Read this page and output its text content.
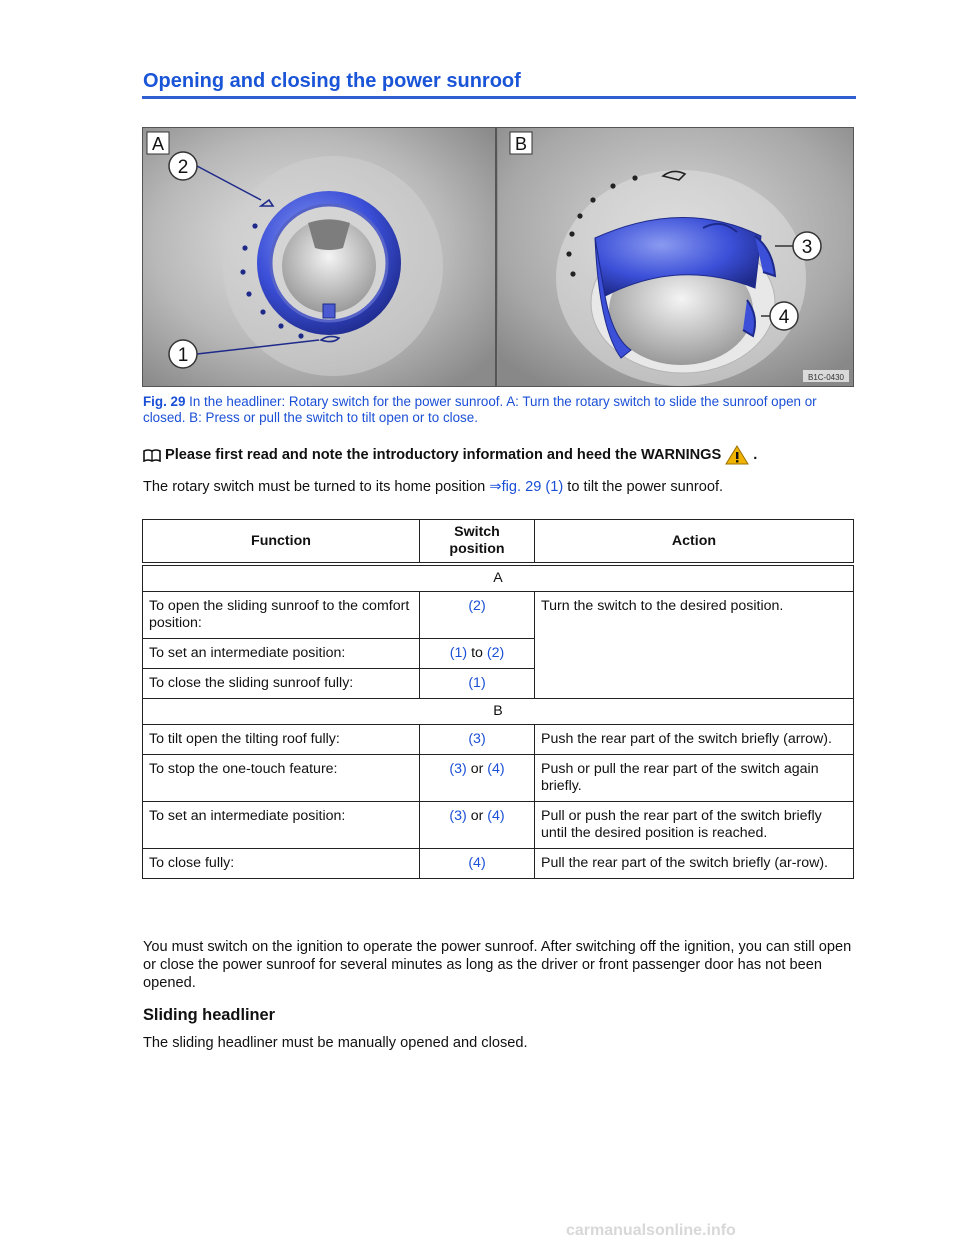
Opening and closing the power sunroof
A	B
2
1
3
4
B1C-0430
Fig. 29 In the headliner: Rotary switch for the power sunroof. A: Turn the rotary switch to slide the sunroof open or closed. B: Press or pull the switch to tilt open or to close.
Please first read and note the introductory information and heed the WARNINGS .
The rotary switch must be turned to its home position ⇒fig. 29 (1) to tilt the power sunroof.
Function	Switch position	Action
A		
To open the sliding sunroof to the comfort position:	(2)	Turn the switch to the desired position.
To set an intermediate position:	(1) to (2)	
To close the sliding sunroof fully:	(1)	
B		
To tilt open the tilting roof fully:	(3)	Push the rear part of the switch briefly (arrow).
To stop the one-touch feature:	(3) or (4)	Push or pull the rear part of the switch again briefly.
To set an intermediate position:	(3) or (4)	Pull or push the rear part of the switch briefly until the desired position is reached.
To close fully:	(4)	Pull the rear part of the switch briefly (ar-row).
You must switch on the ignition to operate the power sunroof. After switching off the ignition, you can still open or close the power sunroof for several minutes as long as the driver or front passenger door has not been opened.
Sliding headliner
The sliding headliner must be manually opened and closed.
carmanualsonline.info
